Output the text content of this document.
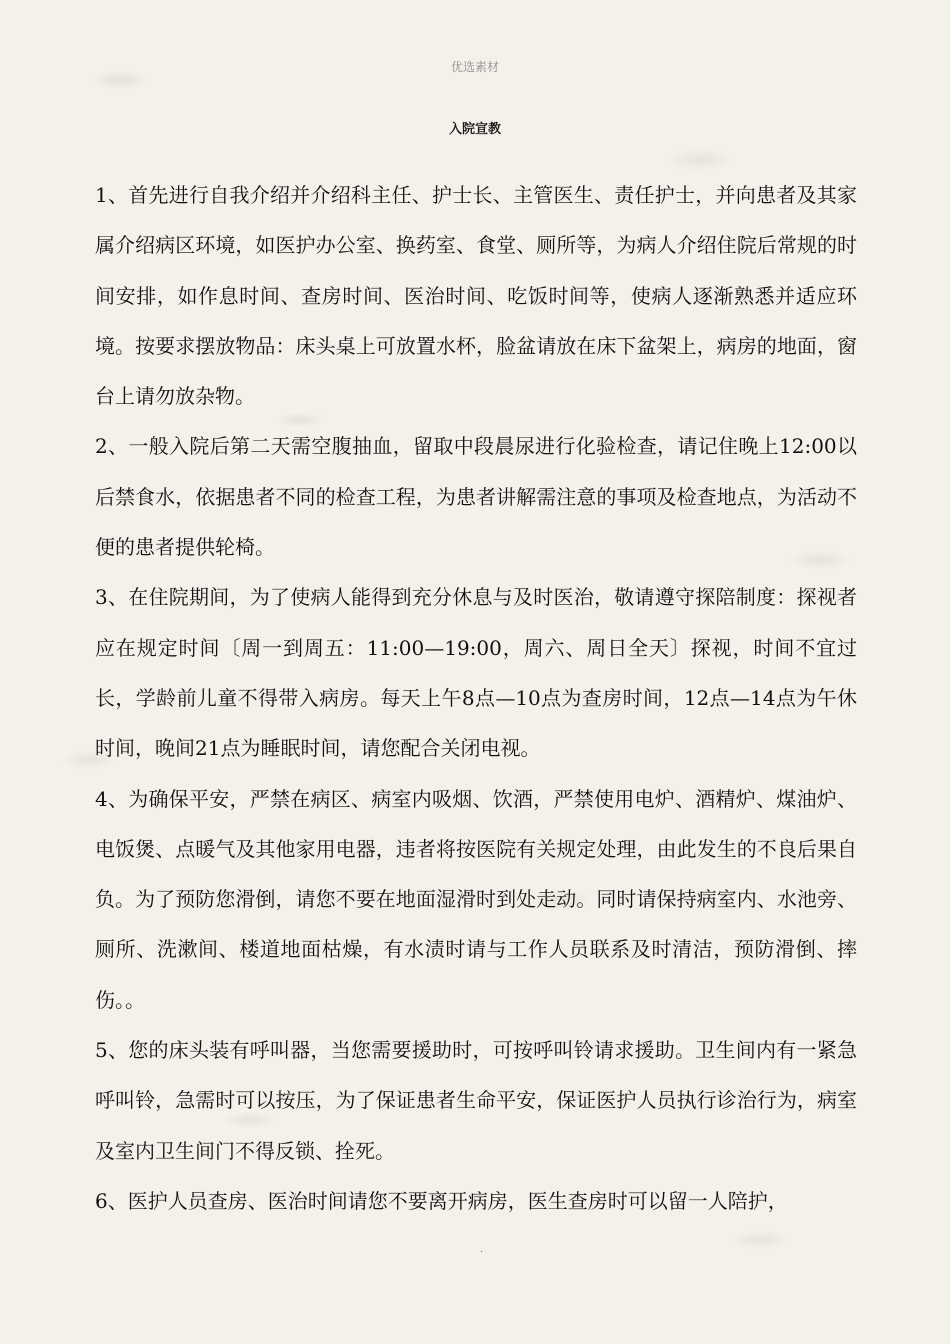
优选素材
入院宣教

1、首先进行自我介绍并介绍科主任、护士长、主管医生、责任护士，并向患者及其家属介绍病区环境，如医护办公室、换药室、食堂、厕所等，为病人介绍住院后常规的时间安排，如作息时间、查房时间、医治时间、吃饭时间等，使病人逐渐熟悉并适应环境。按要求摆放物品：床头桌上可放置水杯，脸盆请放在床下盆架上，病房的地面，窗台上请勿放杂物。

2、一般入院后第二天需空腹抽血，留取中段晨尿进行化验检查，请记住晚上12:00以后禁食水，依据患者不同的检查工程，为患者讲解需注意的事项及检查地点，为活动不便的患者提供轮椅。

3、在住院期间，为了使病人能得到充分休息与及时医治，敬请遵守探陪制度：探视者应在规定时间〔周一到周五：11:00—19:00，周六、周日全天〕探视，时间不宜过长，学龄前儿童不得带入病房。每天上午8点—10点为查房时间，12点—14点为午休时间，晚间21点为睡眠时间，请您配合关闭电视。

4、为确保平安，严禁在病区、病室内吸烟、饮酒，严禁使用电炉、酒精炉、煤油炉、电饭煲、点暖气及其他家用电器，违者将按医院有关规定处理，由此发生的不良后果自负。为了预防您滑倒，请您不要在地面湿滑时到处走动。同时请保持病室内、水池旁、 厕所、洗漱间、楼道地面枯燥，有水渍时请与工作人员联系及时清洁，预防滑倒、摔伤。。

5、您的床头装有呼叫器，当您需要援助时，可按呼叫铃请求援助。卫生间内有一紧急呼叫铃，急需时可以按压，为了保证患者生命平安，保证医护人员执行诊治行为，病室及室内卫生间门不得反锁、拴死。

6、医护人员查房、医治时间请您不要离开病房，医生查房时可以留一人陪护，

.
